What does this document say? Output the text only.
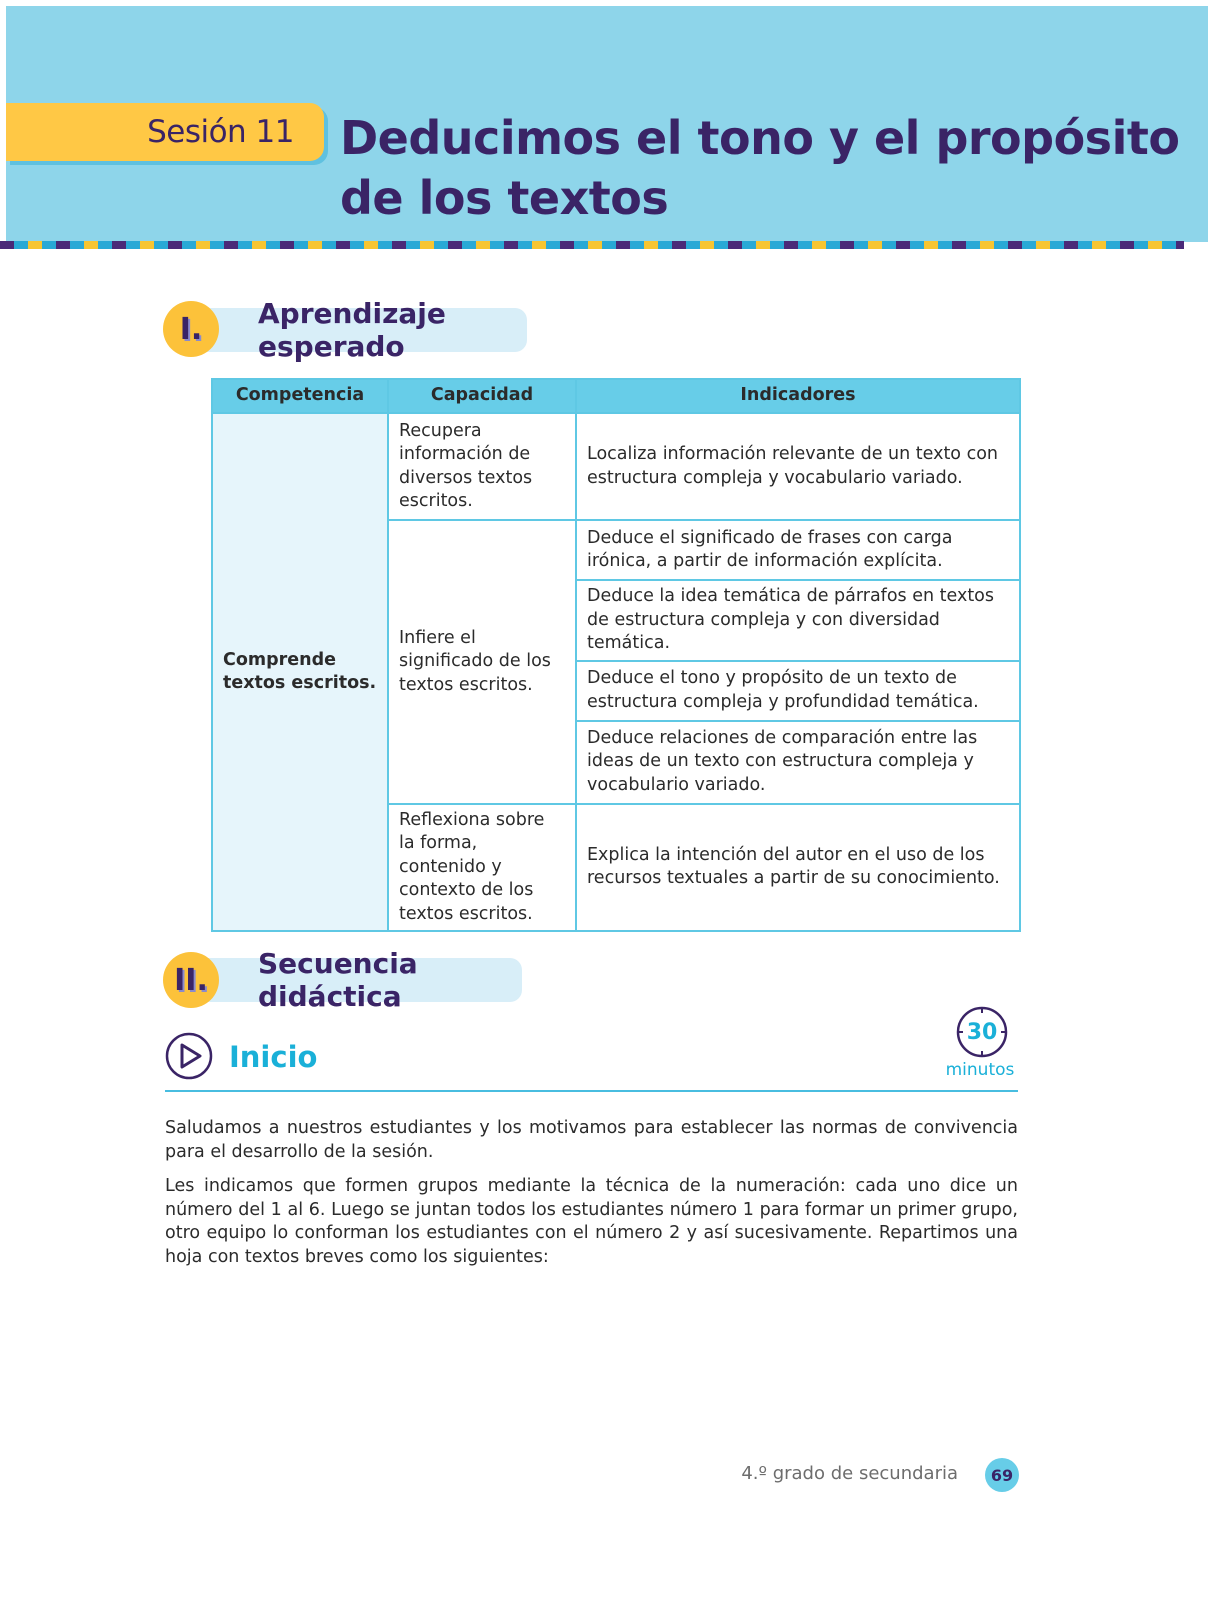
Sesión 11	Deducimos el tono y el propósito
de los textos
Aprendizaje esperado
I.
Competencia	Capacidad	Indicadores
Comprende textos escritos.	Recupera información de diversos textos escritos.	Localiza información relevante de un texto con estructura compleja y vocabulario variado.
	Infiere el significado de los textos escritos.	Deduce el significado de frases con carga irónica, a partir de información explícita.
		Deduce la idea temática de párrafos en textos de estructura compleja y con diversidad temática.
		Deduce el tono y propósito de un texto de estructura compleja y profundidad temática.
		Deduce relaciones de comparación entre las ideas de un texto con estructura compleja y vocabulario variado.
	Reflexiona sobre la forma, contenido y contexto de los textos escritos.	Explica la intención del autor en el uso de los recursos textuales a partir de su conocimiento.
Secuencia didáctica
II.
Inicio
30
minutos

Saludamos a nuestros estudiantes y los motivamos para establecer las normas de convivencia para el desarrollo de la sesión.

Les indicamos que formen grupos mediante la técnica de la numeración: cada uno dice un número del 1 al 6. Luego se juntan todos los estudiantes número 1 para formar un primer grupo, otro equipo lo conforman los estudiantes con el número 2 y así sucesivamente. Repartimos una hoja con textos breves como los siguientes:

4.º grado de secundaria	69
